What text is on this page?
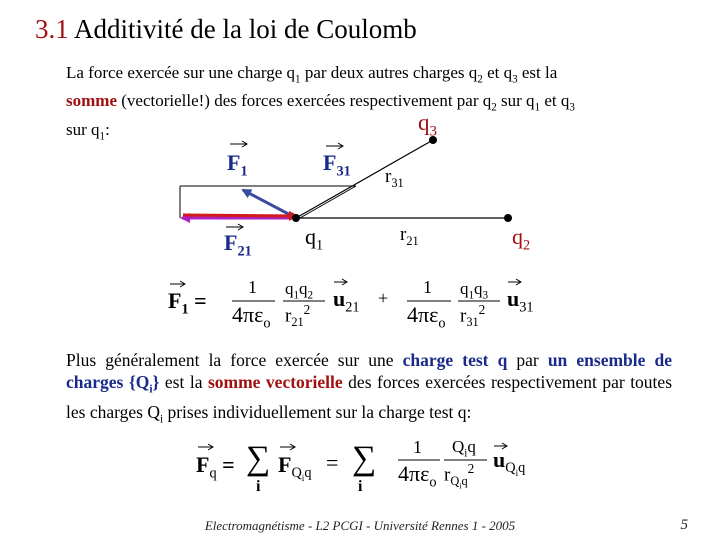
3.1 Additivité de la loi de Coulomb
La force exercée sur une charge $q_1$ par deux autres charges $q_2$ et $q_3$ est la
somme (vectorielle!) des forces exercées respectivement par $q_2$ sur $q_1$ et $q_3$
sur $q_1$:	$q_3$
$F_1$	$F_{31}$ $r_{31}$
$F_{21}$
$q_1$
$r_{21}$	$q_2$
$F_1$ =
1
$4\pi\varepsilon_o$
$q_1q_2$
$r_{21}^2$ $u_{21}$ +
1
$4\pi\varepsilon_o$
$q_1q_3$
$r_{31}^2$ $u_{31}$
Plus généralement la force exercée sur une charge test q par un ensemble de charges $\{Q_i\}$ est la somme vectorielle des forces exercées respectivement par toutes les charges $Q_i$ prises individuellement sur la charge test q:
$F_q$ = ∑
i
$F_{Q_iq}$ = ∑
i
1
$4\pi\varepsilon_o$
$Q_iq$
$r_{Q_iq}^2$ $u_{Q_iq}$
Electromagnétisme - L2 PCGI - Université Rennes 1 - 2005	5
